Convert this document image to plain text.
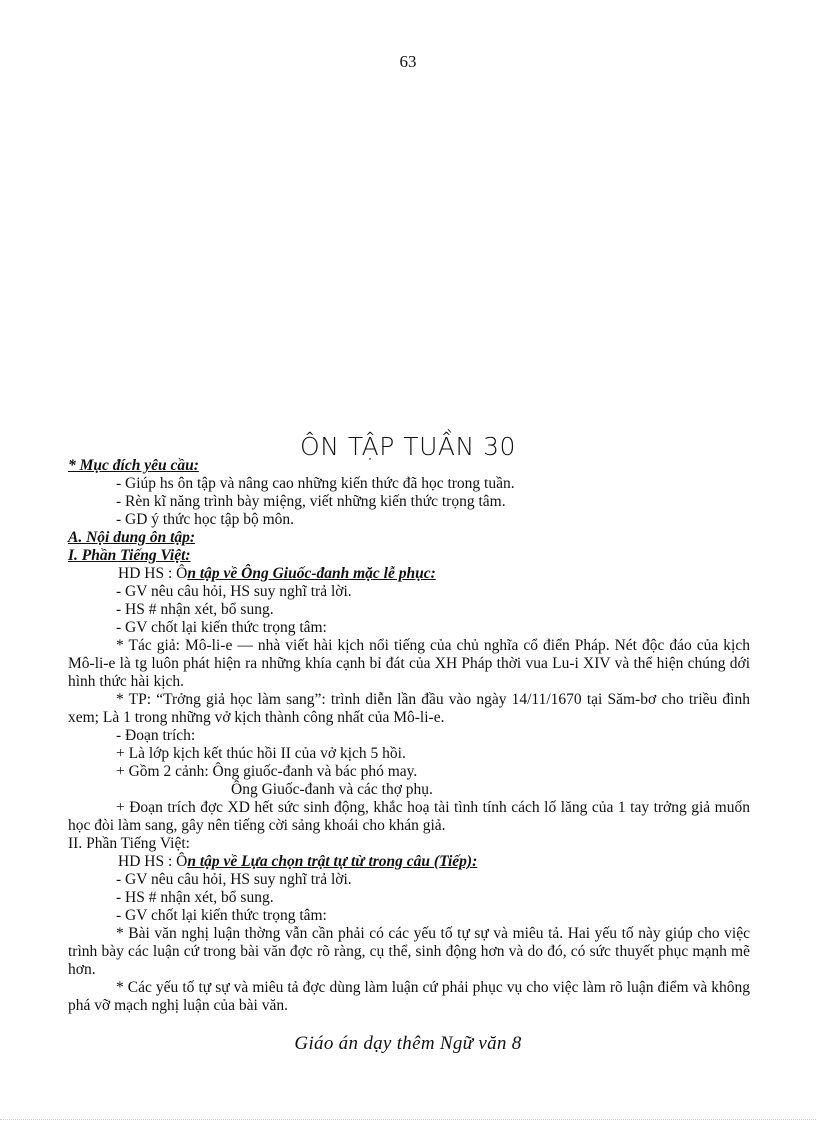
63
ÔN TẬP TUẦN 30
* Mục đích yêu cầu:
- Giúp hs ôn tập và nâng cao những kiến thức đã học trong tuần.
- Rèn kĩ năng trình bày miệng, viết những kiến thức trọng tâm.
- GD ý thức học tập bộ môn.
A. Nội dung ôn tập:
I. Phần Tiếng Việt:
HD HS : Ôn tập về Ông Giuốc-đanh mặc lễ phục:
- GV nêu câu hỏi, HS suy nghĩ trả lời.
- HS # nhận xét, bổ sung.
- GV chốt lại kiến thức trọng tâm:
* Tác giả: Mô-li-e — nhà viết hài kịch nổi tiếng của chủ nghĩa cổ điển Pháp. Nét độc đáo của kịch Mô-li-e là tg luôn phát hiện ra những khía cạnh bỉ đát của XH Pháp thời vua Lu-i XIV và thể hiện chúng dới hình thức hài kịch.
* TP: “Trởng giả học làm sang”: trình diễn lần đầu vào ngày 14/11/1670 tại Săm-bơ cho triều đình xem; Là 1 trong những vở kịch thành công nhất của Mô-li-e.
- Đoạn trích:
+ Là lớp kịch kết thúc hồi II của vở kịch 5 hồi.
+ Gồm 2 cảnh: Ông giuốc-đanh và bác phó may.
Ông Giuốc-đanh và các thợ phụ.
+ Đoạn trích đợc XD hết sức sinh động, khắc hoạ tài tình tính cách lố lăng của 1 tay trởng giả muốn học đòi làm sang, gây nên tiếng cời sảng khoái cho khán giả.
II. Phần Tiếng Việt:
HD HS : Ôn tập về Lựa chọn trật tự từ trong câu (Tiếp):
- GV nêu câu hỏi, HS suy nghĩ trả lời.
- HS # nhận xét, bổ sung.
- GV chốt lại kiến thức trọng tâm:
* Bài văn nghị luận thờng vẫn cần phải có các yếu tố tự sự và miêu tả. Hai yếu tố này giúp cho việc trình bày các luận cứ trong bài văn đợc rõ ràng, cụ thể, sinh động hơn và do đó, có sức thuyết phục mạnh mẽ hơn.
* Các yếu tố tự sự và miêu tả đợc dùng làm luận cứ phải phục vụ cho việc làm rõ luận điểm và không phá vỡ mạch nghị luận của bài văn.
Giáo án dạy thêm Ngữ văn 8
